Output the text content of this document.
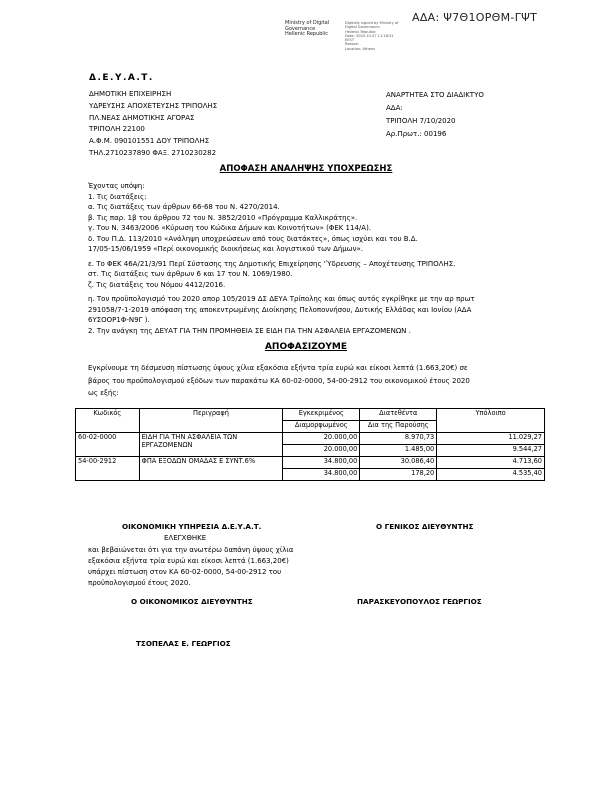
ΑΔΑ: Ψ7Θ1ΟΡΘΜ-ΓΨΤ
Ministry of Digital
Governance
Hellenic Republic
Digitally signed by Ministry of
Digital Governance,
Hellenic Republic
Date: 2020.10.07 11:18:51
EEST
Reason:
Location: Athens
Δ.Ε.Υ.Α.Τ.
ΔΗΜΟΤΙΚΗ ΕΠΙΧΕΙΡΗΣΗ
ΥΔΡΕΥΣΗΣ ΑΠΟΧΕΤΕΥΣΗΣ ΤΡΙΠΟΛΗΣ
ΠΛ.ΝΕΑΣ ΔΗΜΟΤΙΚΗΣ ΑΓΟΡΑΣ
ΤΡΙΠΟΛΗ 22100
Α.Φ.Μ. 090101551 ΔΟΥ ΤΡΙΠΟΛΗΣ
ΤΗΛ.2710237890 ΦΑΞ. 2710230282
ΑΝΑΡΤΗΤΕΑ ΣΤΟ ΔΙΑΔΙΚΤΥΟ
ΑΔΑ:
ΤΡΙΠΟΛΗ 7/10/2020
Αρ.Πρωτ.: 00196
ΑΠΟΦΑΣΗ ΑΝΑΛΗΨΗΣ ΥΠΟΧΡΕΩΣΗΣ
Έχοντας υπόψη:
1. Τις διατάξεις:
α. Τις διατάξεις των άρθρων 66-68 του Ν. 4270/2014.
β. Τις παρ. 1β του άρθρου 72 του Ν. 3852/2010 «Πρόγραμμα Καλλικράτης».
γ. Του Ν. 3463/2006 «Κύρωση του Κώδικα Δήμων και Κοινοτήτων» (ΦΕΚ 114/Α).
δ. Του Π.Δ. 113/2010 «Ανάληψη υποχρεώσεων από τους διατάκτες», όπως ισχύει και του Β.Δ.
17/05-15/06/1959 «Περί οικονομικής διοικήσεως και λογιστικού των Δήμων».
ε. Το ΦΕΚ 46Α/21/3/91 Περί Σύστασης της Δημοτικής Επιχείρησης 'Ύδρευσης – Αποχέτευσης ΤΡΙΠΟΛΗΣ.
στ. Τις διατάξεις των άρθρων 6 και 17 του Ν. 1069/1980.
ζ. Τις διατάξεις του Νόμου 4412/2016.
η. Τον προϋπολογισμό του 2020 απορ 105/2019 ΔΣ ΔΕΥΑ Τρίπολης και όπως αυτός εγκρίθηκε με την αρ πρωτ
291058/7-1-2019 απόφαση της αποκεντρωμένης Διοίκησης Πελοποννήσου, Δυτικής Ελλάδας και Ιονίου (ΑΔΑ
6ΥΣΟΟΡ1Φ-Ν9Γ ).
2. Την ανάγκη της ΔΕΥΑΤ ΓΙΑ ΤΗΝ ΠΡΟΜΗΘΕΙΑ ΣΕ ΕΙΔΗ ΓΙΑ ΤΗΝ ΑΣΦΑΛΕΙΑ ΕΡΓΑΖΟΜΕΝΩΝ .
ΑΠΟΦΑΣΙΖΟΥΜΕ
Εγκρίνουμε τη δέσμευση πίστωσης ύψους χίλια εξακόσια εξήντα τρία ευρώ και είκοσι λεπτά (1.663,20€) σε
βάρος του προϋπολογισμού εξόδων των παρακάτω ΚΑ 60-02-0000, 54-00-2912 του οικονομικού έτους 2020
ως εξής:
Κωδικός	Περιγραφή	Εγκεκριμένος	Διατεθέντα	Υπόλοιπο
		Διαμορφωμένος	Δια της Παρούσης	
60-02-0000	ΕΙΔΗ ΓΙΑ ΤΗΝ ΑΣΦΑΛΕΙΑ ΤΩΝ
ΕΡΓΑΖΟΜΕΝΩΝ	20.000,00	8.970,73	11.029,27
		20.000,00	1.485,00	9.544,27
54-00-2912	ΦΠΑ ΕΞΟΔΩΝ ΟΜΑΔΑΣ Ε ΣΥΝΤ.6%	34.800,00	30.086,40	4.713,60
		34.800,00	178,20	4.535,40
ΟΙΚΟΝΟΜΙΚΗ ΥΠΗΡΕΣΙΑ Δ.Ε.Υ.Α.Τ.
ΕΛΕΓΧΘΗΚΕ
και βεβαιώνεται ότι για την ανωτέρω δαπάνη ύψους χίλια
εξακόσια εξήντα τρία ευρώ και είκοσι λεπτά (1.663,20€)
υπάρχει πίστωση στον ΚΑ 60-02-0000, 54-00-2912 του
προϋπολογισμού έτους 2020.
Ο ΟΙΚΟΝΟΜΙΚΟΣ ΔΙΕΥΘΥΝΤΗΣ
ΤΣΟΠΕΛΑΣ Ε. ΓΕΩΡΓΙΟΣ
Ο ΓΕΝΙΚΟΣ ΔΙΕΥΘΥΝΤΗΣ
ΠΑΡΑΣΚΕΥΟΠΟΥΛΟΣ ΓΕΩΡΓΙΟΣ
